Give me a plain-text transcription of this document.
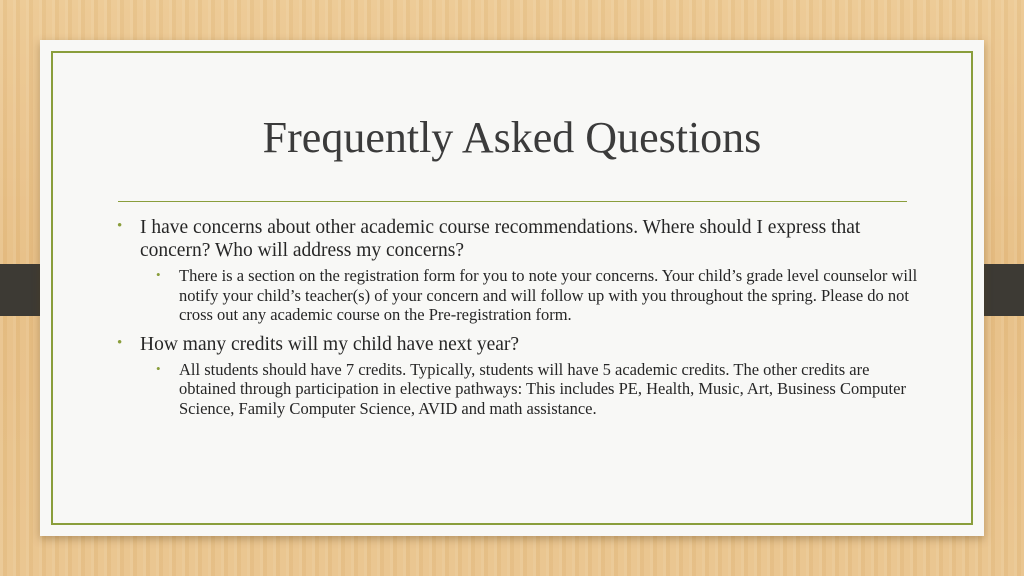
Frequently Asked Questions
• I have concerns about other academic course recommendations. Where should I express that concern? Who will address my concerns?
• There is a section on the registration form for you to note your concerns. Your child’s grade level counselor will notify your child’s teacher(s) of your concern and will follow up with you throughout the spring. Please do not cross out any academic course on the Pre-registration form.
• How many credits will my child have next year?
• All students should have 7 credits. Typically, students will have 5 academic credits. The other credits are obtained through participation in elective pathways: This includes PE, Health, Music, Art, Business Computer Science, Family Computer Science, AVID and math assistance.
